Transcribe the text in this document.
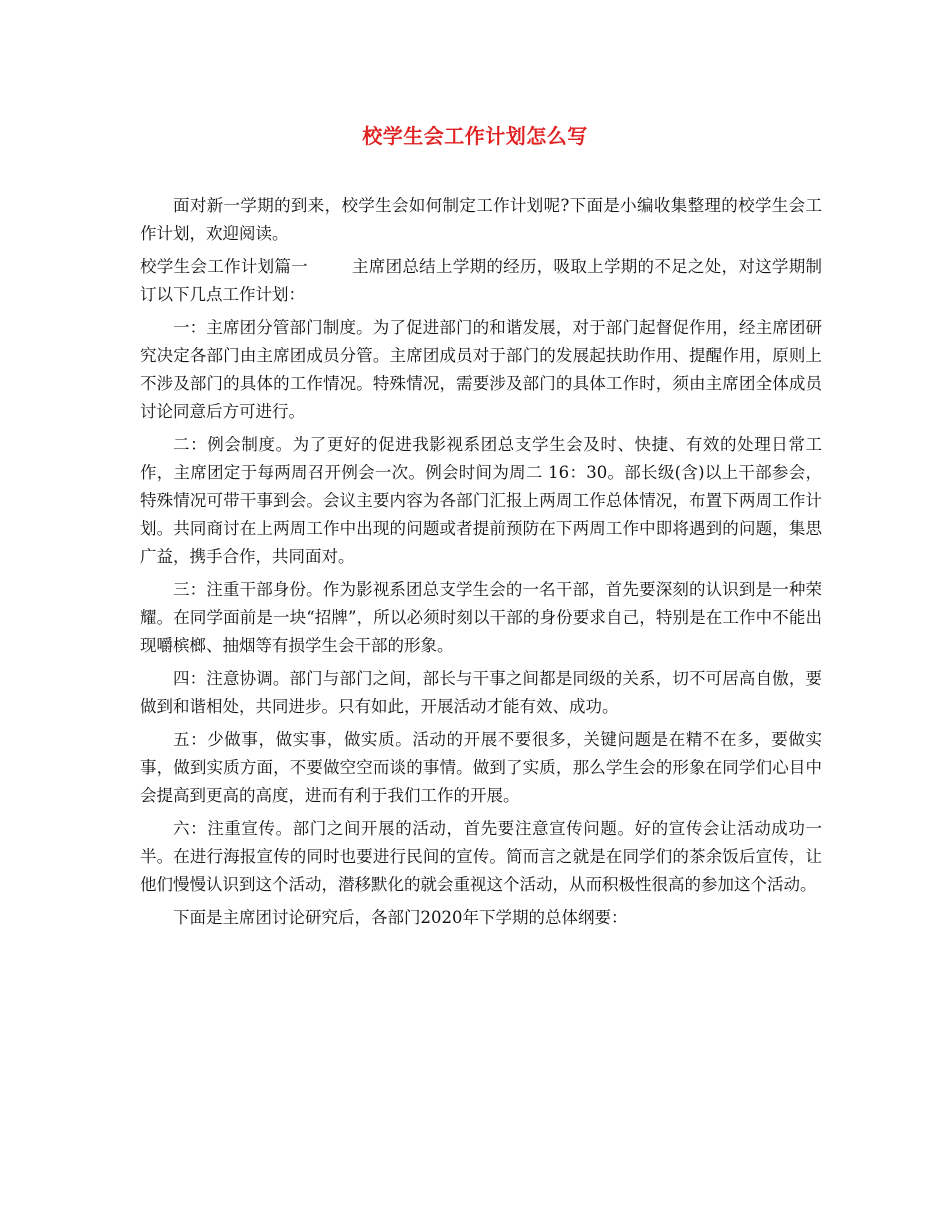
校学生会工作计划怎么写

面对新一学期的到来，校学生会如何制定工作计划呢?下面是小编收集整理的校学生会工作计划，欢迎阅读。

校学生会工作计划篇一	主席团总结上学期的经历，吸取上学期的不足之处，对这学期制订以下几点工作计划：

一：主席团分管部门制度。为了促进部门的和谐发展，对于部门起督促作用，经主席团研究决定各部门由主席团成员分管。主席团成员对于部门的发展起扶助作用、提醒作用，原则上不涉及部门的具体的工作情况。特殊情况，需要涉及部门的具体工作时，须由主席团全体成员讨论同意后方可进行。

二：例会制度。为了更好的促进我影视系团总支学生会及时、快捷、有效的处理日常工作，主席团定于每两周召开例会一次。例会时间为周二 16：30。部长级(含)以上干部参会，特殊情况可带干事到会。会议主要内容为各部门汇报上两周工作总体情况，布置下两周工作计划。共同商讨在上两周工作中出现的问题或者提前预防在下两周工作中即将遇到的问题，集思广益，携手合作，共同面对。

三：注重干部身份。作为影视系团总支学生会的一名干部，首先要深刻的认识到是一种荣耀。在同学面前是一块“招牌”，所以必须时刻以干部的身份要求自己，特别是在工作中不能出现嚼槟榔、抽烟等有损学生会干部的形象。

四：注意协调。部门与部门之间，部长与干事之间都是同级的关系，切不可居高自傲，要做到和谐相处，共同进步。只有如此，开展活动才能有效、成功。

五：少做事，做实事，做实质。活动的开展不要很多，关键问题是在精不在多，要做实事，做到实质方面，不要做空空而谈的事情。做到了实质，那么学生会的形象在同学们心目中会提高到更高的高度，进而有利于我们工作的开展。

六：注重宣传。部门之间开展的活动，首先要注意宣传问题。好的宣传会让活动成功一半。在进行海报宣传的同时也要进行民间的宣传。简而言之就是在同学们的茶余饭后宣传，让他们慢慢认识到这个活动，潜移默化的就会重视这个活动，从而积极性很高的参加这个活动。

下面是主席团讨论研究后，各部门2020年下学期的总体纲要：
